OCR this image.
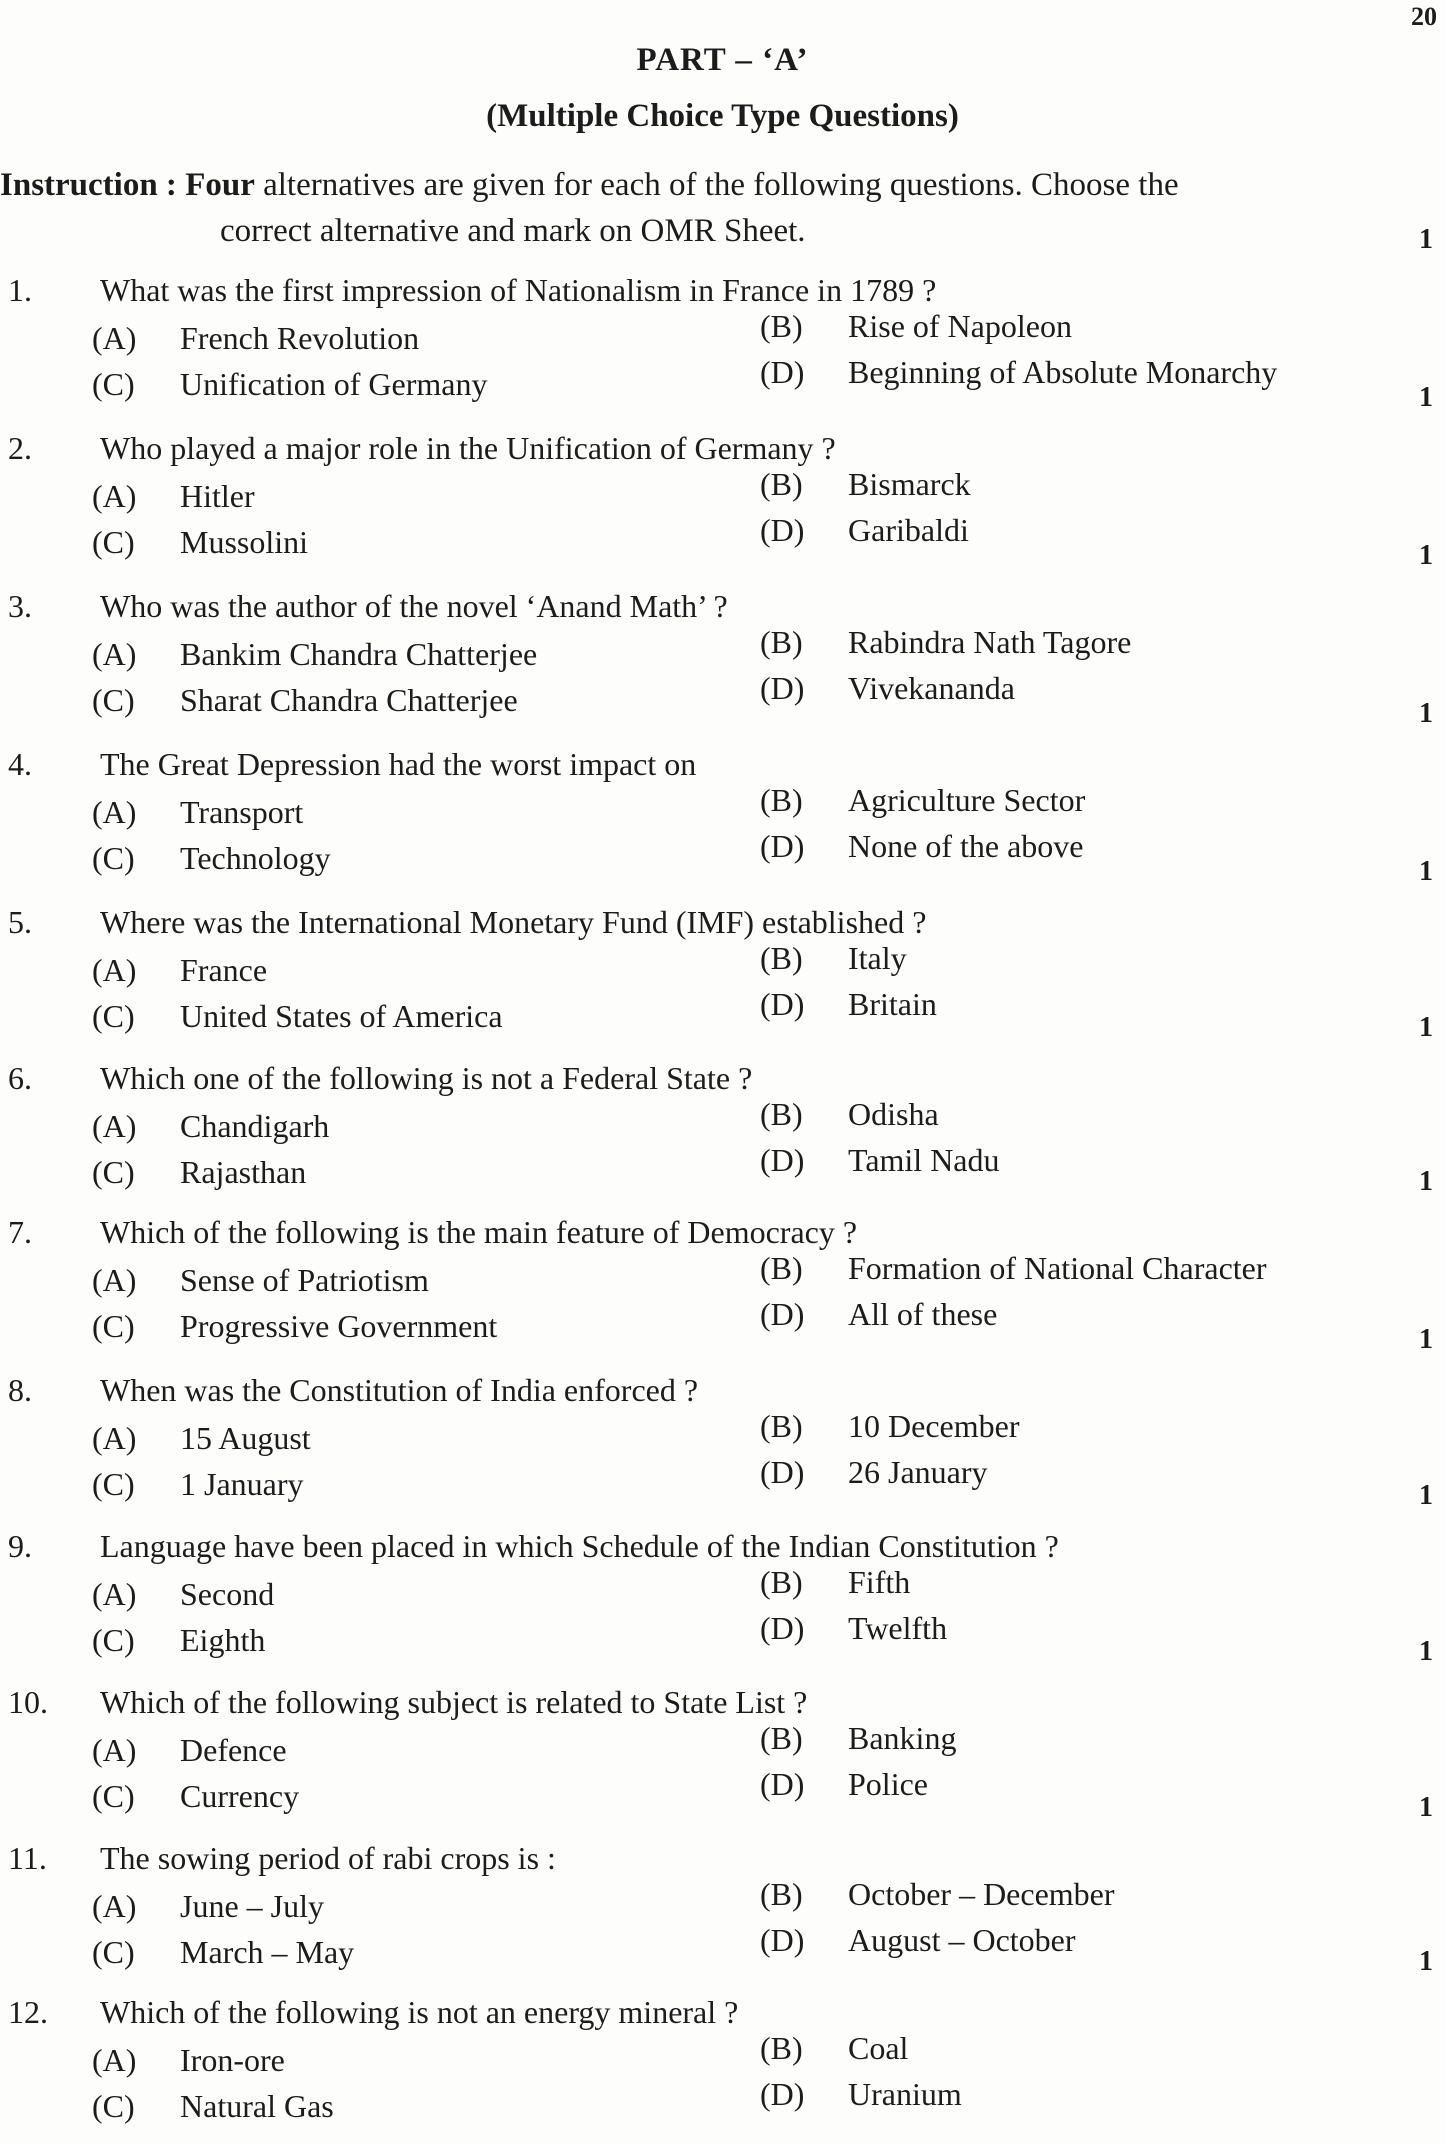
20
PART – ‘A’
(Multiple Choice Type Questions)
Instruction : Four alternatives are given for each of the following questions. Choose the
correct alternative and mark on OMR Sheet.	1
1. What was the first impression of Nationalism in France in 1789 ?
(A) French Revolution	(B) Rise of Napoleon
(C) Unification of Germany	(D) Beginning of Absolute Monarchy
1
2. Who played a major role in the Unification of Germany ?
(A) Hitler	(B) Bismarck
(C) Mussolini	(D) Garibaldi
1
3. Who was the author of the novel ‘Anand Math’ ?
(A) Bankim Chandra Chatterjee	(B) Rabindra Nath Tagore
(C) Sharat Chandra Chatterjee	(D) Vivekananda
1
4. The Great Depression had the worst impact on
(A) Transport	(B) Agriculture Sector
(C) Technology	(D) None of the above
1
5. Where was the International Monetary Fund (IMF) established ?
(A) France	(B) Italy
(C) United States of America	(D) Britain
1
6. Which one of the following is not a Federal State ?
(A) Chandigarh	(B) Odisha
(C) Rajasthan	(D) Tamil Nadu
1
7. Which of the following is the main feature of Democracy ?
(A) Sense of Patriotism	(B) Formation of National Character
(C) Progressive Government	(D) All of these
1
8. When was the Constitution of India enforced ?
(A) 15 August	(B) 10 December
(C) 1 January	(D) 26 January
1
9. Language have been placed in which Schedule of the Indian Constitution ?
(A) Second	(B) Fifth
(C) Eighth	(D) Twelfth
1
10. Which of the following subject is related to State List ?
(A) Defence	(B) Banking
(C) Currency	(D) Police
1
11. The sowing period of rabi crops is :
(A) June – July	(B) October – December
(C) March – May	(D) August – October
1
12. Which of the following is not an energy mineral ?
(A) Iron-ore	(B) Coal
(C) Natural Gas	(D) Uranium
